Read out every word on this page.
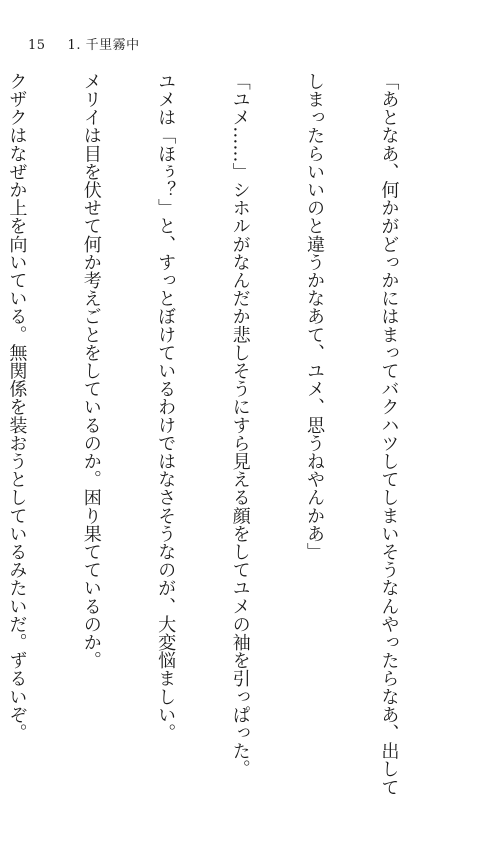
15 1. 千里霧中

「あとなあ、何かがどっかにはまってバクハツしてしまいそうなんやったらなあ、出して

しまったらいいのと違うかなあて、ユメ、思うねやんかあ」

「ユメ……」シホルがなんだか悲しそうにすら見える顔をしてユメの袖を引っぱった。

ユメは「ほぅ？」と、すっとぼけているわけではなさそうなのが、大変悩ましい。

メリイは目を伏せて何か考えごとをしているのか。困り果てているのか。

クザクはなぜか上を向いている。無関係を装おうとしているみたいだ。ずるいぞ。
